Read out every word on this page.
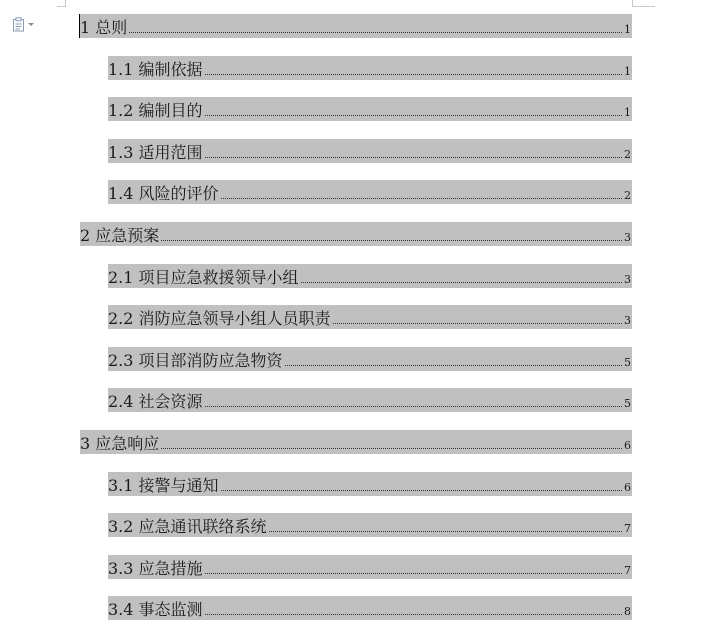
1 总则	1
1.1 编制依据	1
1.2 编制目的	1
1.3 适用范围	2
1.4 风险的评价	2
2 应急预案	3
2.1 项目应急救援领导小组	3
2.2 消防应急领导小组人员职责	3
2.3 项目部消防应急物资	5
2.4 社会资源	5
3 应急响应	6
3.1 接警与通知	6
3.2 应急通讯联络系统	7
3.3 应急措施	7
3.4 事态监测	8
